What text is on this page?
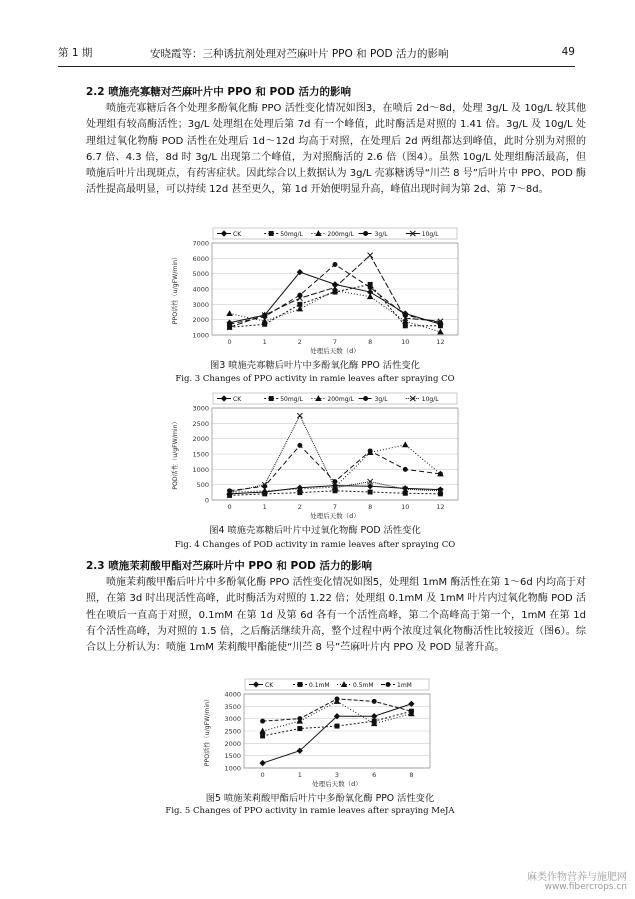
第 1 期	49
安晓霞等：三种诱抗剂处理对苎麻叶片 PPO 和 POD 活力的影响
2.2 喷施壳寡糖对苎麻叶片中 PPO 和 POD 活力的影响

喷施壳寡糖后各个处理多酚氧化酶 PPO 活性变化情况如图3，在喷后 2d～8d，处理 3g/L 及 10g/L 较其他处理组有较高酶活性；3g/L 处理组在处理后第 7d 有一个峰值，此时酶活是对照的 1.41 倍。3g/L 及 10g/L 处理组过氧化物酶 POD 活性在处理后 1d～12d 均高于对照，在处理后 2d 两组都达到峰值，此时分别为对照的 6.7 倍、4.3 倍，8d 时 3g/L 出现第二个峰值，为对照酶活的 2.6 倍（图4）。虽然 10g/L 处理组酶活最高，但喷施后叶片出现斑点，有药害症状。因此综合以上数据认为 3g/L 壳寡糖诱导“川苎 8 号”后叶片中 PPO、POD 酶活性提高最明显，可以持续 12d 甚至更久，第 1d 开始便明显升高，峰值出现时间为第 2d、第 7～8d。

1000
2000
3000
4000
5000
6000
7000
0	1	2	7	8	10	12
处理后天数（d）
PPO活性（u/gFW/min）
CK	50mg/L	200mg/L	3g/L	10g/L
图3 喷施壳寡糖后叶片中多酚氧化酶 PPO 活性变化
Fig. 3 Changes of PPO activity in ramie leaves after spraying CO
0
500
1000
1500
2000
2500
3000
0	1	2	7	8	10	12
处理后天数（d）
POD活性（u/gFW/min）
CK	50mg/L	200mg/L	3g/L	10g/L
图4 喷施壳寡糖后叶片中过氧化物酶 POD 活性变化
Fig. 4 Changes of POD activity in ramie leaves after spraying CO
2.3 喷施茉莉酸甲酯对苎麻叶片中 PPO 和 POD 活力的影响

喷施茉莉酸甲酯后叶片中多酚氧化酶 PPO 活性变化情况如图5，处理组 1mM 酶活性在第 1～6d 内均高于对照，在第 3d 时出现活性高峰，此时酶活为对照的 1.22 倍；处理组 0.1mM 及 1mM 叶片内过氧化物酶 POD 活性在喷后一直高于对照，0.1mM 在第 1d 及第 6d 各有一个活性高峰，第二个高峰高于第一个，1mM 在第 1d 有个活性高峰，为对照的 1.5 倍，之后酶活继续升高，整个过程中两个浓度过氧化物酶活性比较接近（图6）。综合以上分析认为：喷施 1mM 茉莉酸甲酯能使“川苎 8 号”苎麻叶片内 PPO 及 POD 显著升高。

1000
1500
2000
2500
3000
3500
4000
0	1	3	6	8
处理后天数（d）
PPO活性（u/gFW/min）
CK	0.1mM	0.5mM	1mM
图5 喷施茉莉酸甲酯后叶片中多酚氧化酶 PPO 活性变化
Fig. 5 Changes of PPO activity in ramie leaves after spraying MeJA
麻类作物营养与施肥网
www.fibercrops.cn
